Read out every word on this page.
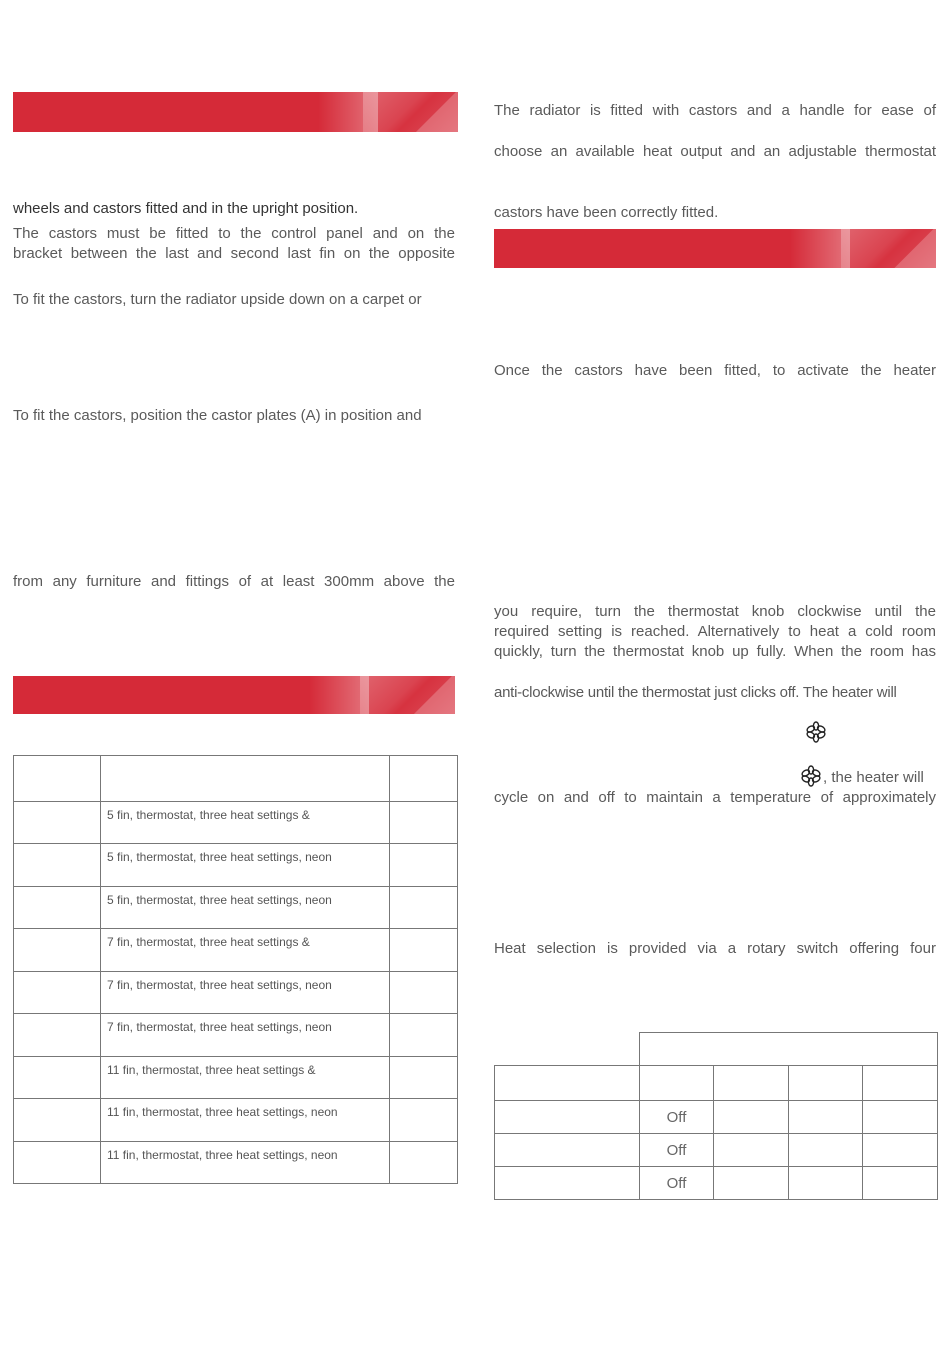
wheels and castors fitted and in the upright position.
The castors must be fitted to the control panel and on the
bracket between the last and second last fin on the opposite
To fit the castors, turn the radiator upside down on a carpet or
To fit the castors, position the castor plates (A) in position and
from any furniture and fittings of at least 300mm above the

	5 fin, thermostat, three heat settings &	
	5 fin, thermostat, three heat settings, neon	
	5 fin, thermostat, three heat settings, neon	
	7 fin, thermostat, three heat settings &	
	7 fin, thermostat, three heat settings, neon	
	7 fin, thermostat, three heat settings, neon	
	11 fin, thermostat, three heat settings &	
	11 fin, thermostat, three heat settings, neon	
	11 fin, thermostat, three heat settings, neon	
The radiator is fitted with castors and a handle for ease of
choose an available heat output and an adjustable thermostat
castors have been correctly fitted.
Once the castors have been fitted, to activate the heater
you require, turn the thermostat knob clockwise until the
required setting is reached. Alternatively to heat a cold room
quickly, turn the thermostat knob up fully. When the room has
anti-clockwise until the thermostat just clicks off. The heater will
, the heater will
cycle on and off to maintain a temperature of approximately
Heat selection is provided via a rotary switch offering four

	Off			
	Off			
	Off			
